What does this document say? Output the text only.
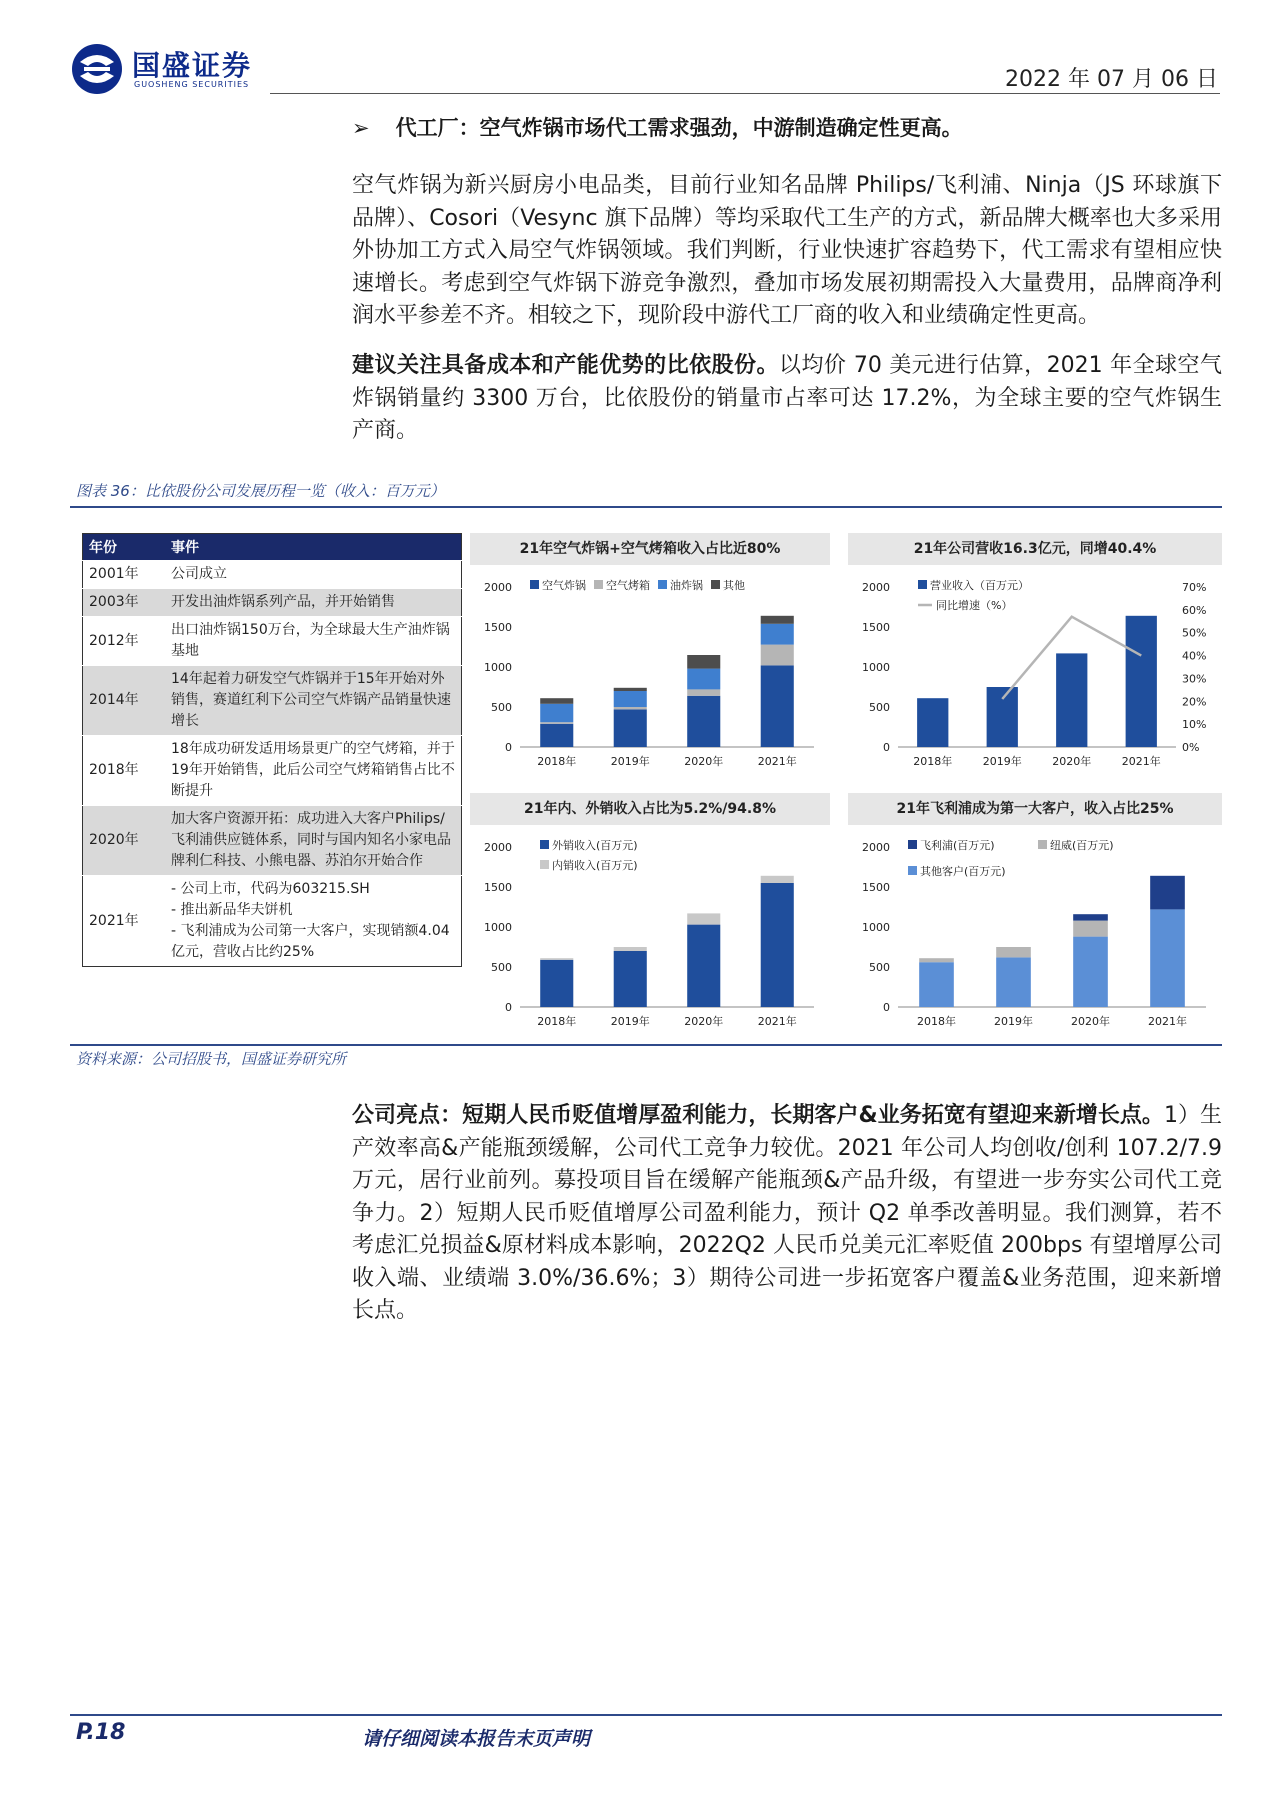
国盛证券
GUOSHENG SECURITIES	2022 年 07 月 06 日
➢ 代工厂：空气炸锅市场代工需求强劲，中游制造确定性更高。
空气炸锅为新兴厨房小电品类，目前行业知名品牌 Philips/飞利浦、Ninja（JS 环球旗下品牌）、Cosori（Vesync 旗下品牌）等均采取代工生产的方式，新品牌大概率也大多采用外协加工方式入局空气炸锅领域。我们判断，行业快速扩容趋势下，代工需求有望相应快速增长。考虑到空气炸锅下游竞争激烈，叠加市场发展初期需投入大量费用，品牌商净利润水平参差不齐。相较之下，现阶段中游代工厂商的收入和业绩确定性更高。
建议关注具备成本和产能优势的比依股份。以均价 70 美元进行估算，2021 年全球空气炸锅销量约 3300 万台，比依股份的销量市占率可达 17.2%，为全球主要的空气炸锅生产商。
图表 36：比依股份公司发展历程一览（收入：百万元）
年份	事件
2001年	公司成立
2003年	开发出油炸锅系列产品，并开始销售
2012年	出口油炸锅150万台，为全球最大生产油炸锅基地
2014年	14年起着力研发空气炸锅并于15年开始对外销售，赛道红利下公司空气炸锅产品销量快速增长
2018年	18年成功研发适用场景更广的空气烤箱，并于19年开始销售，此后公司空气烤箱销售占比不断提升
2020年	加大客户资源开拓：成功进入大客户Philips/飞利浦供应链体系，同时与国内知名小家电品牌利仁科技、小熊电器、苏泊尔开始合作
2021年	- 公司上市，代码为603215.SH
- 推出新品华夫饼机
- 飞利浦成为公司第一大客户，实现销额4.04亿元，营收占比约25%
21年空气炸锅+空气烤箱收入占比近80%
0
500
1000
1500
2000
2018年	2019年	2020年	2021年
空气炸锅 空气烤箱 油炸锅 其他
21年公司营收16.3亿元，同增40.4%
0
500
1000
1500
2000
2018年	2019年	2020年	2021年
0%
10%
20%
30%
40%
50%
60%
70%
营业收入（百万元）
同比增速（%）
21年内、外销收入占比为5.2%/94.8%
0
500
1000
1500
2000
2018年	2019年	2020年	2021年
外销收入(百万元)
内销收入(百万元)
21年飞利浦成为第一大客户，收入占比25%
0
500
1000
1500
2000
2018年	2019年	2020年	2021年
其他客户(百万元)
纽威(百万元)
飞利浦(百万元)
资料来源：公司招股书，国盛证券研究所
公司亮点：短期人民币贬值增厚盈利能力，长期客户&业务拓宽有望迎来新增长点。1）生产效率高&产能瓶颈缓解，公司代工竞争力较优。2021 年公司人均创收/创利 107.2/7.9 万元，居行业前列。募投项目旨在缓解产能瓶颈&产品升级，有望进一步夯实公司代工竞争力。2）短期人民币贬值增厚公司盈利能力，预计 Q2 单季改善明显。我们测算，若不考虑汇兑损益&原材料成本影响，2022Q2 人民币兑美元汇率贬值 200bps 有望增厚公司收入端、业绩端 3.0%/36.6%；3）期待公司进一步拓宽客户覆盖&业务范围，迎来新增长点。
P.18	请仔细阅读本报告末页声明
